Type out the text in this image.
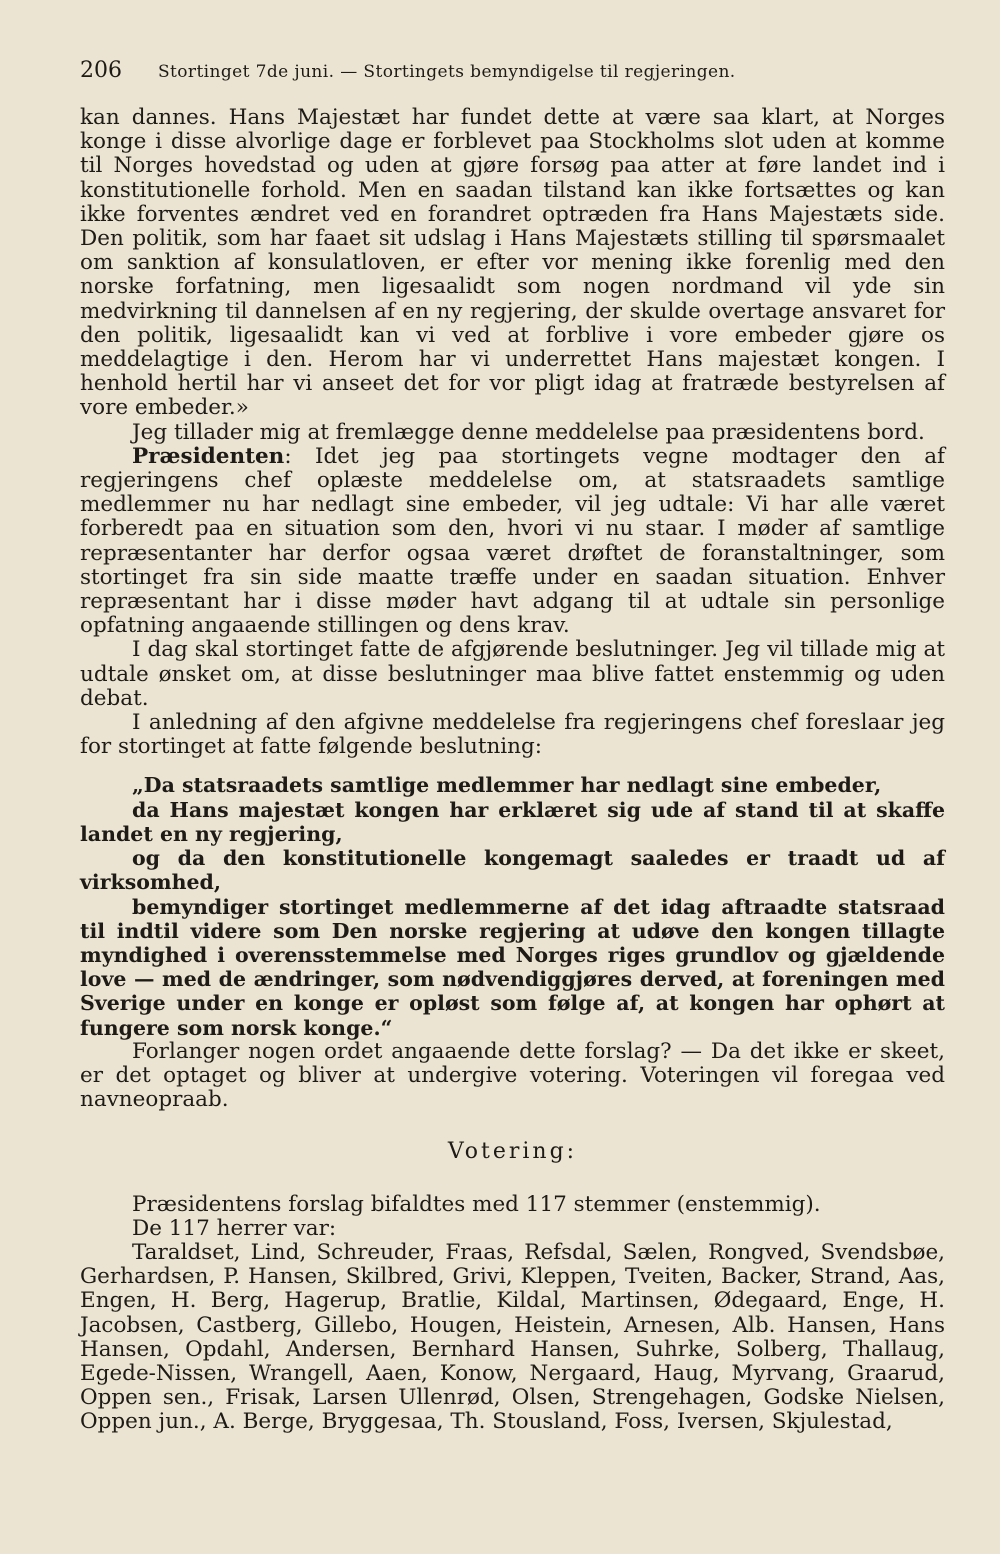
206 Stortinget 7de juni. — Stortingets bemyndigelse til regjeringen.

kan dannes. Hans Majestæt har fundet dette at være saa klart, at Norges konge i disse alvorlige dage er forblevet paa Stockholms slot uden at komme til Norges hovedstad og uden at gjøre forsøg paa atter at føre landet ind i konstitutionelle forhold. Men en saadan tilstand kan ikke fortsættes og kan ikke forventes ændret ved en forandret optræden fra Hans Majestæts side. Den politik, som har faaet sit udslag i Hans Majestæts stilling til spørsmaalet om sanktion af konsulatloven, er efter vor mening ikke forenlig med den norske forfatning, men ligesaalidt som nogen nordmand vil yde sin medvirkning til dannelsen af en ny regjering, der skulde overtage ansvaret for den politik, ligesaalidt kan vi ved at forblive i vore embeder gjøre os meddelagtige i den. Herom har vi underrettet Hans majestæt kongen. I henhold hertil har vi anseet det for vor pligt idag at fratræde bestyrelsen af vore embeder.»

Jeg tillader mig at fremlægge denne meddelelse paa præsidentens bord.

Præsidenten: Idet jeg paa stortingets vegne modtager den af regjeringens chef oplæste meddelelse om, at statsraadets samtlige medlemmer nu har nedlagt sine embeder, vil jeg udtale: Vi har alle været forberedt paa en situation som den, hvori vi nu staar. I møder af samtlige repræsentanter har derfor ogsaa været drøftet de foranstaltninger, som stortinget fra sin side maatte træffe under en saadan situation. Enhver repræsentant har i disse møder havt adgang til at udtale sin personlige opfatning angaaende stillingen og dens krav.

I dag skal stortinget fatte de afgjørende beslutninger. Jeg vil tillade mig at udtale ønsket om, at disse beslutninger maa blive fattet enstemmig og uden debat.

I anledning af den afgivne meddelelse fra regjeringens chef foreslaar jeg for stortinget at fatte følgende beslutning:

„Da statsraadets samtlige medlemmer har nedlagt sine embeder,
da Hans majestæt kongen har erklæret sig ude af stand til at skaffe landet en ny regjering,
og da den konstitutionelle kongemagt saaledes er traadt ud af virksomhed,
bemyndiger stortinget medlemmerne af det idag aftraadte statsraad til indtil videre som Den norske regjering at udøve den kongen tillagte myndighed i overensstemmelse med Norges riges grundlov og gjældende love — med de ændringer, som nødvendiggjøres derved, at foreningen med Sverige under en konge er opløst som følge af, at kongen har ophørt at fungere som norsk konge.“

Forlanger nogen ordet angaaende dette forslag? — Da det ikke er skeet, er det optaget og bliver at undergive votering. Voteringen vil foregaa ved navneopraab.

Votering:

Præsidentens forslag bifaldtes med 117 stemmer (enstemmig).

De 117 herrer var:

Taraldset, Lind, Schreuder, Fraas, Refsdal, Sælen, Rongved, Svendsbøe, Gerhardsen, P. Hansen, Skilbred, Grivi, Kleppen, Tveiten, Backer, Strand, Aas, Engen, H. Berg, Hagerup, Bratlie, Kildal, Martinsen, Ødegaard, Enge, H. Jacobsen, Castberg, Gillebo, Hougen, Heistein, Arnesen, Alb. Hansen, Hans Hansen, Opdahl, Andersen, Bernhard Hansen, Suhrke, Solberg, Thallaug, Egede-Nissen, Wrangell, Aaen, Konow, Nergaard, Haug, Myrvang, Graarud, Oppen sen., Frisak, Larsen Ullenrød, Olsen, Strengehagen, Godske Nielsen, Oppen jun., A. Berge, Bryggesaa, Th. Stousland, Foss, Iversen, Skjulestad,
